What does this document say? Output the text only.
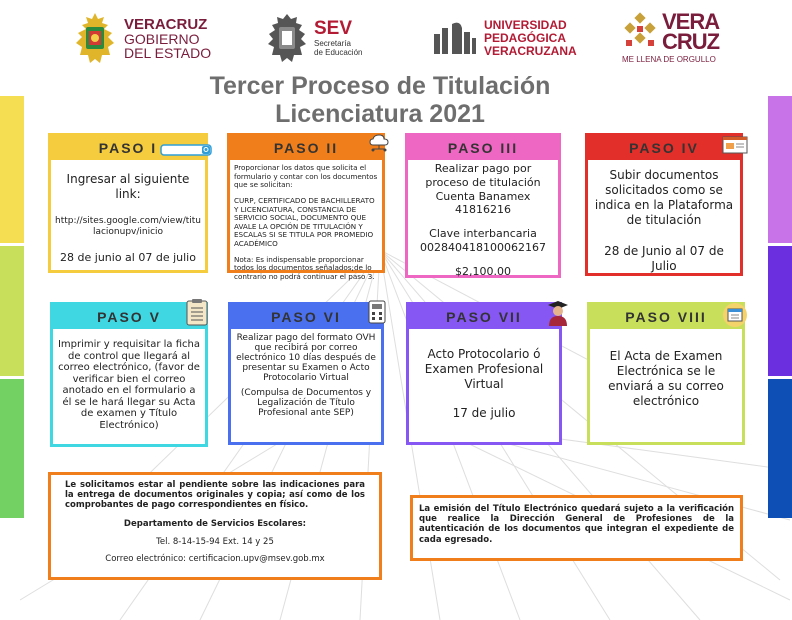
VERACRUZ
GOBIERNO
DEL ESTADO
SEV
Secretaría
de Educación
UNIVERSIDAD
PEDAGÓGICA
VERACRUZANA
VERA
CRUZ
ME LLENA DE ORGULLO
Tercer Proceso de Titulación
Licenciatura 2021
PASO I
Ingresar al siguiente link:
http://sites.google.com/view/titulacionupv/inicio
28 de junio al 07 de julio
PASO II
Proporcionar los datos que solicita el formulario y contar con los documentos que se solicitan:
CURP, CERTIFICADO DE BACHILLERATO Y LICENCIATURA, CONSTANCIA DE SERVICIO SOCIAL, DOCUMENTO QUE AVALE LA OPCIÓN DE TITULACIÓN Y ESCALAS SI SE TITULA POR PROMEDIO ACADÉMICO
Nota: Es indispensable proporcionar todos los documentos señalados;de lo contrario no podrá continuar el paso 3.
PASO III
Realizar pago por proceso de titulación Cuenta Banamex 41816216
Clave interbancaria 002840418100062167
$2,100.00
PASO IV
Subir documentos solicitados como se indica en la Plataforma de titulación
28 de Junio al 07 de Julio
PASO V
Imprimir y requisitar la ficha de control que llegará al correo electrónico, (favor de verificar bien el correo anotado en el formulario a él se le hará llegar su Acta de examen y Título Electrónico)
PASO VI
Realizar pago del formato OVH que recibirá por correo electrónico 10 días después de presentar su Examen o Acto Protocolario Virtual
(Compulsa de Documentos y Legalización de Título Profesional ante SEP)
PASO VII
Acto Protocolario ó Examen Profesional Virtual
17 de julio
PASO VIII
El Acta de Examen Electrónica se le enviará a su correo electrónico
Le solicitamos estar al pendiente sobre las indicaciones para la entrega de documentos originales y copia; así como de los comprobantes de pago correspondientes en físico.
Departamento de Servicios Escolares:
Tel. 8-14-15-94 Ext. 14 y 25
Correo electrónico: certificacion.upv@msev.gob.mx
La emisión del Título Electrónico quedará sujeto a la verificación que realice la Dirección General de Profesiones de la autenticación de los documentos que integran el expediente de cada egresado.
